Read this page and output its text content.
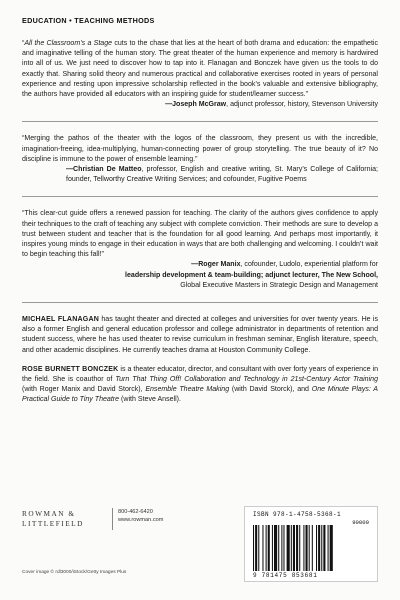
EDUCATION • TEACHING METHODS

“All the Classroom’s a Stage cuts to the chase that lies at the heart of both drama and education: the empathetic and imaginative telling of the human story. The great theater of the human experience and memory is hardwired into all of us. We just need to discover how to tap into it. Flanagan and Bonczek have given us the tools to do exactly that. Sharing solid theory and numerous practical and collaborative exercises rooted in years of personal experience and resting upon impressive scholarship reflected in the book’s valuable and extensive bibliography, the authors have provided all educators with an inspiring guide for student/learner success.”

—Joseph McGraw, adjunct professor, history, Stevenson University

“Merging the pathos of the theater with the logos of the classroom, they present us with the incredible, imagination-freeing, idea-multiplying, human-connecting power of group storytelling. The true beauty of it? No discipline is immune to the power of ensemble learning.”

—Christian De Matteo, professor, English and creative writing, St. Mary’s College of California; founder, Tellworthy Creative Writing Services; and cofounder, Fugitive Poems

“This clear-cut guide offers a renewed passion for teaching. The clarity of the authors gives confidence to apply their techniques to the craft of teaching any subject with complete conviction. Their methods are sure to develop a trust between student and teacher that is the foundation for all good learning. And perhaps most importantly, it inspires young minds to engage in their education in ways that are both challenging and welcoming. I couldn’t wait to begin teaching this fall!”

—Roger Manix, cofounder, Ludolo, experiential platform for

leadership development & team-building; adjunct lecturer, The New School,

Global Executive Masters in Strategic Design and Management

MICHAEL FLANAGAN has taught theater and directed at colleges and universities for over twenty years. He is also a former English and general education professor and college administrator in departments of retention and student success, where he has used theater to revise curriculum in freshman seminar, English literature, speech, and other academic disciplines. He currently teaches drama at Houston Community College.

ROSE BURNETT BONCZEK is a theater educator, director, and consultant with over forty years of experience in the field. She is coauthor of Turn That Thing Off! Collaboration and Technology in 21st-Century Actor Training (with Roger Manix and David Storck), Ensemble Theatre Making (with David Storck), and One Minute Plays: A Practical Guide to Tiny Theatre (with Steve Ansell).

ROWMAN &
LITTLEFIELD
800-462-6420
www.rowman.com
Cover image © rdl3000/iStock/Getty Images Plus
ISBN 978-1-4758-5368-1
90000
9 781475 853681
